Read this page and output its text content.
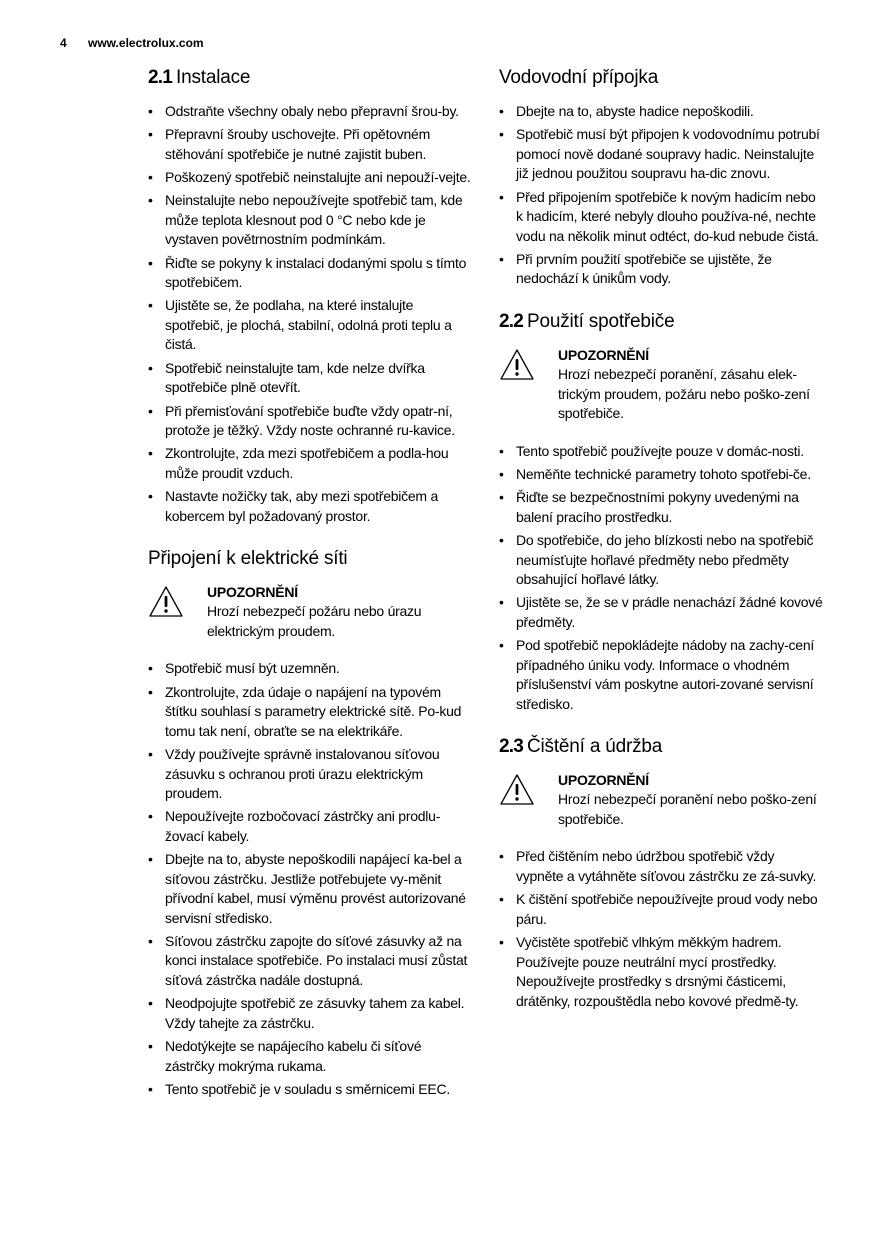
4 www.electrolux.com
2.1 Instalace
• Odstraňte všechny obaly nebo přepravní šrou-by.
• Přepravní šrouby uschovejte. Při opětovném stěhování spotřebiče je nutné zajistit buben.
• Poškozený spotřebič neinstalujte ani nepouží-vejte.
• Neinstalujte nebo nepoužívejte spotřebič tam, kde může teplota klesnout pod 0 °C nebo kde je vystaven povětrnostním podmínkám.
• Řiďte se pokyny k instalaci dodanými spolu s tímto spotřebičem.
• Ujistěte se, že podlaha, na které instalujte spotřebič, je plochá, stabilní, odolná proti teplu a čistá.
• Spotřebič neinstalujte tam, kde nelze dvířka spotřebiče plně otevřít.
• Při přemisťování spotřebiče buďte vždy opatr-ní, protože je těžký. Vždy noste ochranné ru-kavice.
• Zkontrolujte, zda mezi spotřebičem a podla-hou může proudit vzduch.
• Nastavte nožičky tak, aby mezi spotřebičem a kobercem byl požadovaný prostor.
Připojení k elektrické síti
UPOZORNĚNÍ
Hrozí nebezpečí požáru nebo úrazu elektrickým proudem.
• Spotřebič musí být uzemněn.
• Zkontrolujte, zda údaje o napájení na typovém štítku souhlasí s parametry elektrické sítě. Po-kud tomu tak není, obraťte se na elektrikáře.
• Vždy používejte správně instalovanou síťovou zásuvku s ochranou proti úrazu elektrickým proudem.
• Nepoužívejte rozbočovací zástrčky ani prodlu-žovací kabely.
• Dbejte na to, abyste nepoškodili napájecí ka-bel a síťovou zástrčku. Jestliže potřebujete vy-měnit přívodní kabel, musí výměnu provést autorizované servisní středisko.
• Síťovou zástrčku zapojte do síťové zásuvky až na konci instalace spotřebiče. Po instalaci musí zůstat síťová zástrčka nadále dostupná.
• Neodpojujte spotřebič ze zásuvky tahem za kabel. Vždy tahejte za zástrčku.
• Nedotýkejte se napájecího kabelu či síťové zástrčky mokrýma rukama.
• Tento spotřebič je v souladu s směrnicemi EEC.
Vodovodní přípojka
• Dbejte na to, abyste hadice nepoškodili.
• Spotřebič musí být připojen k vodovodnímu potrubí pomocí nově dodané soupravy hadic. Neinstalujte již jednou použitou soupravu ha-dic znovu.
• Před připojením spotřebiče k novým hadicím nebo k hadicím, které nebyly dlouho používa-né, nechte vodu na několik minut odtéct, do-kud nebude čistá.
• Při prvním použití spotřebiče se ujistěte, že nedochází k únikům vody.
2.2 Použití spotřebiče
UPOZORNĚNÍ
Hrozí nebezpečí poranění, zásahu elek-trickým proudem, požáru nebo poško-zení spotřebiče.
• Tento spotřebič používejte pouze v domác-nosti.
• Neměňte technické parametry tohoto spotřebi-če.
• Řiďte se bezpečnostními pokyny uvedenými na balení pracího prostředku.
• Do spotřebiče, do jeho blízkosti nebo na spotřebič neumísťujte hořlavé předměty nebo předměty obsahující hořlavé látky.
• Ujistěte se, že se v prádle nenachází žádné kovové předměty.
• Pod spotřebič nepokládejte nádoby na zachy-cení případného úniku vody. Informace o vhodném příslušenství vám poskytne autori-zované servisní středisko.
2.3 Čištění a údržba
UPOZORNĚNÍ
Hrozí nebezpečí poranění nebo poško-zení spotřebiče.
• Před čištěním nebo údržbou spotřebič vždy vypněte a vytáhněte síťovou zástrčku ze zá-suvky.
• K čištění spotřebiče nepoužívejte proud vody nebo páru.
• Vyčistěte spotřebič vlhkým měkkým hadrem. Používejte pouze neutrální mycí prostředky. Nepoužívejte prostředky s drsnými částicemi, drátěnky, rozpouštědla nebo kovové předmě-ty.
